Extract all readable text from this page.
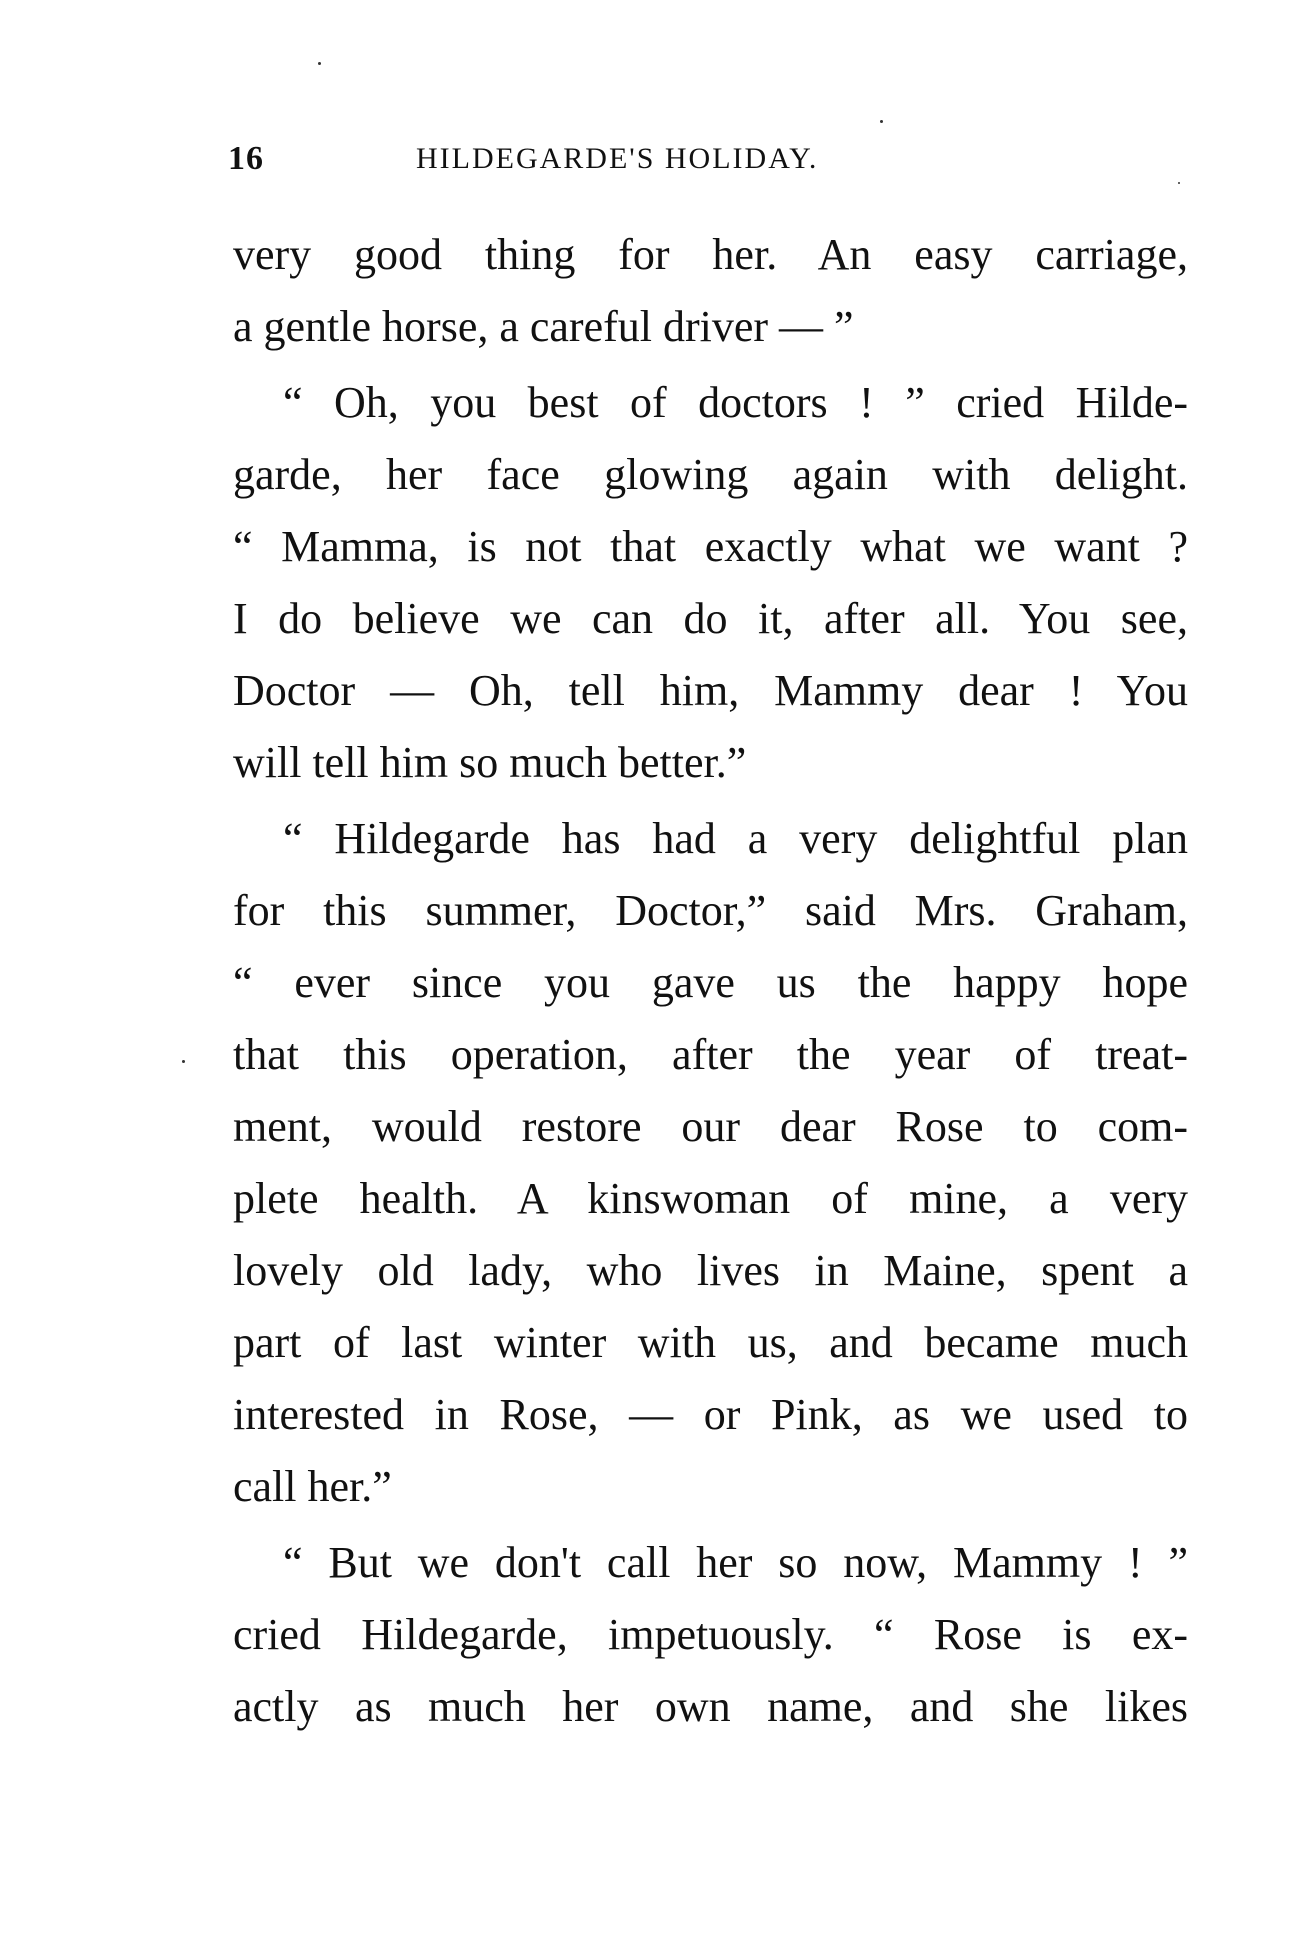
16	HILDEGARDE'S HOLIDAY.
very good thing for her. An easy carriage,
a gentle horse, a careful driver — ”
“ Oh, you best of doctors ! ” cried Hilde-
garde, her face glowing again with delight.
“ Mamma, is not that exactly what we want ?
I do believe we can do it, after all. You see,
Doctor — Oh, tell him, Mammy dear ! You
will tell him so much better.”
“ Hildegarde has had a very delightful plan
for this summer, Doctor,” said Mrs. Graham,
“ ever since you gave us the happy hope
that this operation, after the year of treat-
ment, would restore our dear Rose to com-
plete health. A kinswoman of mine, a very
lovely old lady, who lives in Maine, spent a
part of last winter with us, and became much
interested in Rose, — or Pink, as we used to
call her.”
“ But we don't call her so now, Mammy ! ”
cried Hildegarde, impetuously. “ Rose is ex-
actly as much her own name, and she likes
